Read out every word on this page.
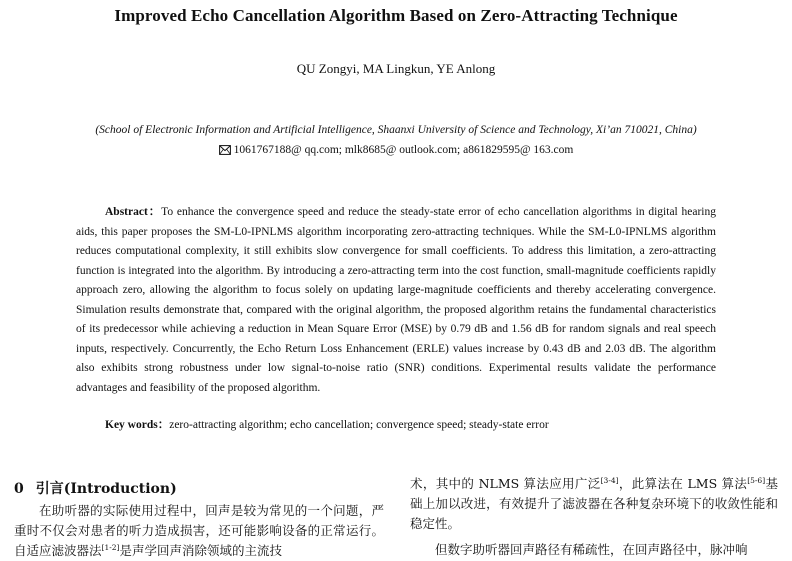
Improved Echo Cancellation Algorithm Based on Zero-Attracting Technique
QU Zongyi, MA Lingkun, YE Anlong
(School of Electronic Information and Artificial Intelligence, Shaanxi University of Science and Technology, Xi’an 710021, China)
1061767188@ qq.com; mlk8685@ outlook.com; a861829595@ 163.com

Abstract：To enhance the convergence speed and reduce the steady-state error of echo cancellation algorithms in digital hearing aids, this paper proposes the SM-L0-IPNLMS algorithm incorporating zero-attracting techniques. While the SM-L0-IPNLMS algorithm reduces computational complexity, it still exhibits slow convergence for small coefficients. To address this limitation, a zero-attracting function is integrated into the algorithm. By introducing a zero-attracting term into the cost function, small-magnitude coefficients rapidly approach zero, allowing the algorithm to focus solely on updating large-magnitude coefficients and thereby accelerating convergence. Simulation results demonstrate that, compared with the original algorithm, the proposed algorithm retains the fundamental characteristics of its predecessor while achieving a reduction in Mean Square Error (MSE) by 0.79 dB and 1.56 dB for random signals and real speech inputs, respectively. Concurrently, the Echo Return Loss Enhancement (ERLE) values increase by 0.43 dB and 2.03 dB. The algorithm also exhibits strong robustness under low signal-to-noise ratio (SNR) conditions. Experimental results validate the performance advantages and feasibility of the proposed algorithm.

Key words：zero-attracting algorithm; echo cancellation; convergence speed; steady-state error
0 引言(Introduction)

在助听器的实际使用过程中，回声是较为常见的一个问题，严重时不仅会对患者的听力造成损害，还可能影响设备的正常运行。自适应滤波器法[1-2]是声学回声消除领域的主流技

术，其中的 NLMS 算法应用广泛[3-4]，此算法在 LMS 算法[5-6]基础上加以改进，有效提升了滤波器在各种复杂环境下的收敛性能和稳定性。

但数字助听器回声路径有稀疏性，在回声路径中，脉冲响
